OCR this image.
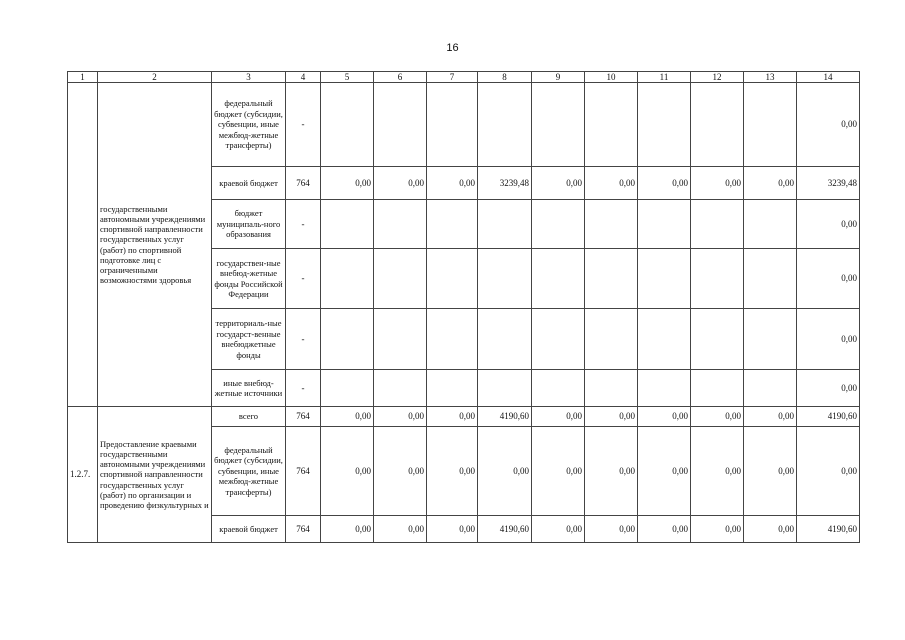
16
1	2	3	4	5	6	7	8	9	10	11	12	13	14
	государственными автономными учреждениями спортивной направленности государственных услуг (работ) по спортивной подготовке лиц с ограниченными возможностями здоровья	федеральный бюджет (субсидии, субвенции, иные межбюд-жетные трансферты)	-										0,00
		краевой бюджет	764	0,00	0,00	0,00	3239,48	0,00	0,00	0,00	0,00	0,00	3239,48
		бюджет муниципаль-ного образования	-										0,00
		государствен-ные внебюд-жетные фонды Российской Федерации	-										0,00
		территориаль-ные государст-венные внебюджетные фонды	-										0,00
		иные внебюд-жетные источники	-										0,00
1.2.7.	Предоставление краевыми государственными автономными учреждениями спортивной направленности государственных услуг (работ) по организации и проведению физкультурных и	всего	764	0,00	0,00	0,00	4190,60	0,00	0,00	0,00	0,00	0,00	4190,60
		федеральный бюджет (субсидии, субвенции, иные межбюд-жетные трансферты)	764	0,00	0,00	0,00	0,00	0,00	0,00	0,00	0,00	0,00	0,00
		краевой бюджет	764	0,00	0,00	0,00	4190,60	0,00	0,00	0,00	0,00	0,00	4190,60
